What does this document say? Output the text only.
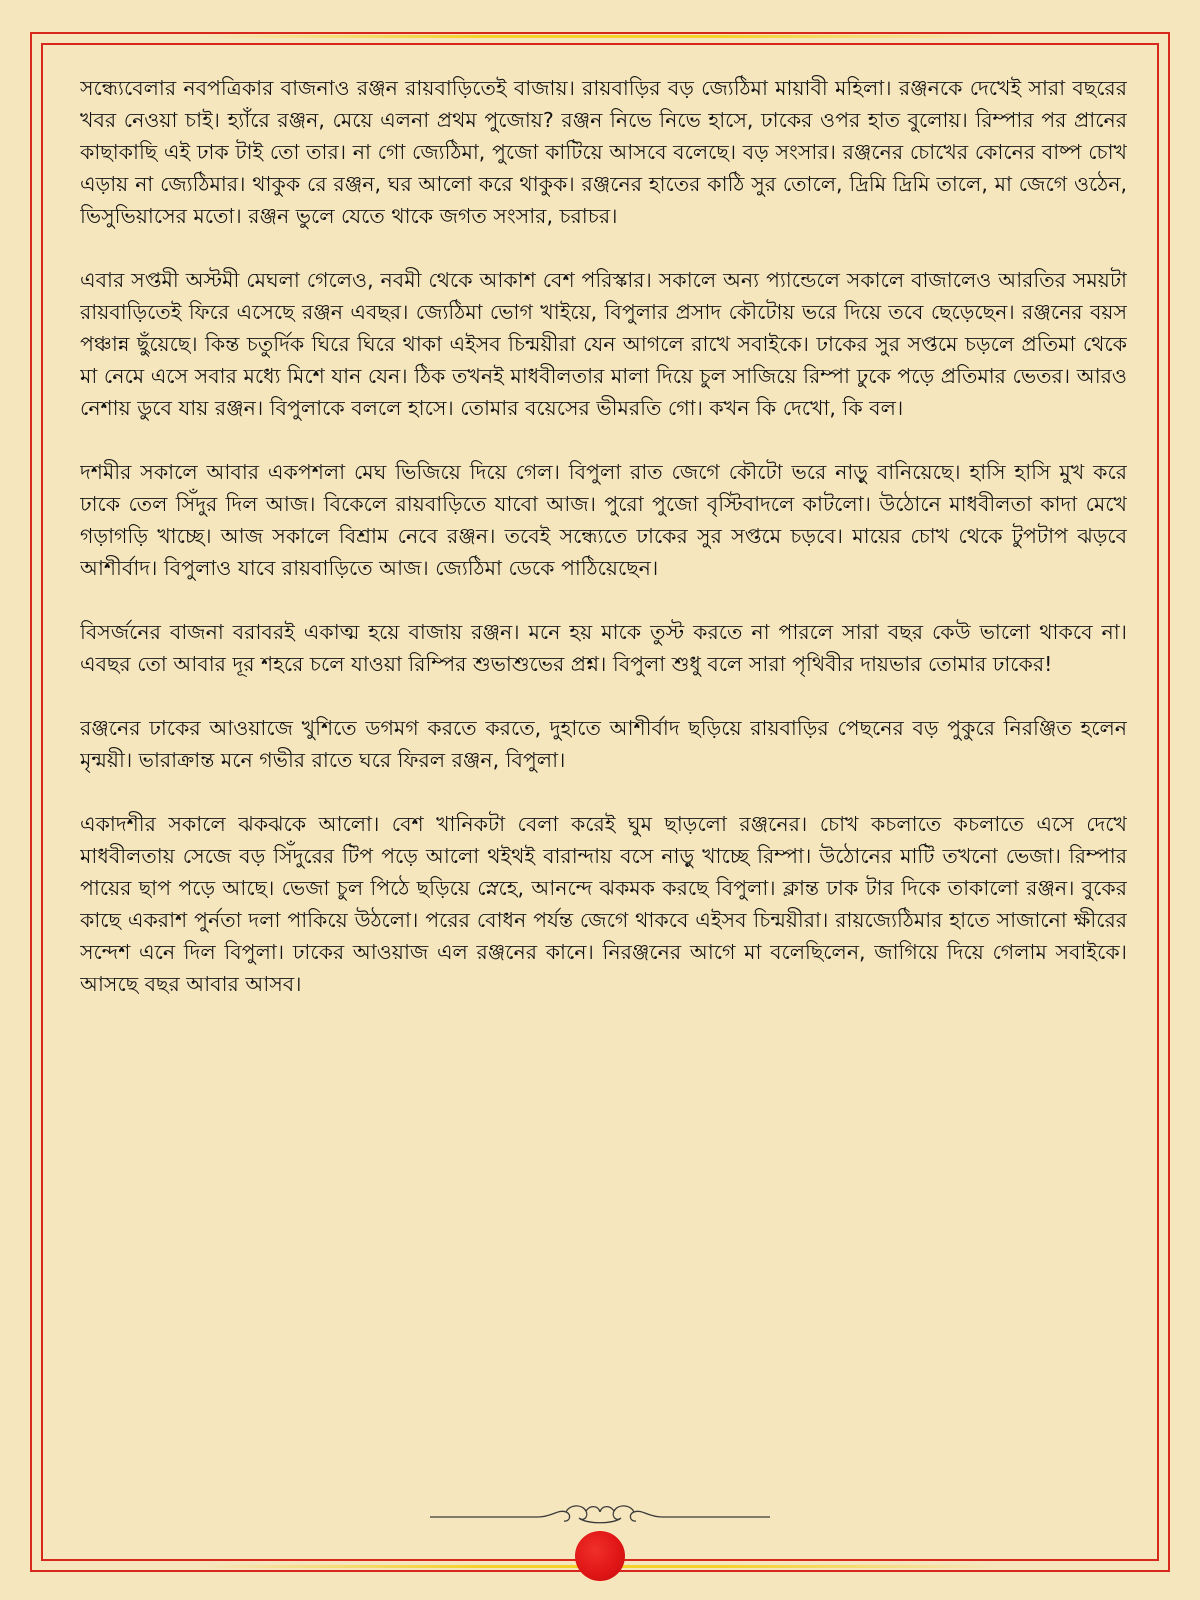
সন্ধ্যেবেলার নবপত্রিকার বাজনাও রঞ্জন রায়বাড়িতেই বাজায়। রায়বাড়ির বড় জ্যেঠিমা মায়াবী মহিলা। রঞ্জনকে দেখেই সারা বছরের খবর নেওয়া চাই। হ্যাঁরে রঞ্জন, মেয়ে এলনা প্রথম পুজোয়? রঞ্জন নিভে নিভে হাসে, ঢাকের ওপর হাত বুলোয়। রিম্পার পর প্রানের কাছাকাছি এই ঢাক টাই তো তার। না গো জ্যেঠিমা, পুজো কাটিয়ে আসবে বলেছে। বড় সংসার। রঞ্জনের চোখের কোনের বাষ্প চোখ এড়ায় না জ্যেঠিমার। থাকুক রে রঞ্জন, ঘর আলো করে থাকুক। রঞ্জনের হাতের কাঠি সুর তোলে, দ্রিমি দ্রিমি তালে, মা জেগে ওঠেন, ভিসুভিয়াসের মতো। রঞ্জন ভুলে যেতে থাকে জগত সংসার, চরাচর।

এবার সপ্তমী অস্টমী মেঘলা গেলেও, নবমী থেকে আকাশ বেশ পরিস্কার। সকালে অন্য প্যান্ডেলে সকালে বাজালেও আরতির সময়টা রায়বাড়িতেই ফিরে এসেছে রঞ্জন এবছর। জ্যেঠিমা ভোগ খাইয়ে, বিপুলার প্রসাদ কৌটোয় ভরে দিয়ে তবে ছেড়েছেন। রঞ্জনের বয়স পঞ্চান্ন ছুঁয়েছে। কিন্ত চতুর্দিক ঘিরে ঘিরে থাকা এইসব চিন্ময়ীরা যেন আগলে রাখে সবাইকে। ঢাকের সুর সপ্তমে চড়লে প্রতিমা থেকে মা নেমে এসে সবার মধ্যে মিশে যান যেন। ঠিক তখনই মাধবীলতার মালা দিয়ে চুল সাজিয়ে রিম্পা ঢুকে পড়ে প্রতিমার ভেতর। আরও নেশায় ডুবে যায় রঞ্জন। বিপুলাকে বললে হাসে। তোমার বয়েসের ভীমরতি গো। কখন কি দেখো, কি বল।

দশমীর সকালে আবার একপশলা মেঘ ভিজিয়ে দিয়ে গেল। বিপুলা রাত জেগে কৌটো ভরে নাড়ু বানিয়েছে। হাসি হাসি মুখ করে ঢাকে তেল সিঁদুর দিল আজ। বিকেলে রায়বাড়িতে যাবো আজ। পুরো পুজো বৃস্টিবাদলে কাটলো। উঠোনে মাধবীলতা কাদা মেখে গড়াগড়ি খাচ্ছে। আজ সকালে বিশ্রাম নেবে রঞ্জন। তবেই সন্ধ্যেতে ঢাকের সুর সপ্তমে চড়বে। মায়ের চোখ থেকে টুপটাপ ঝড়বে আশীর্বাদ। বিপুলাও যাবে রায়বাড়িতে আজ। জ্যেঠিমা ডেকে পাঠিয়েছেন।

বিসর্জনের বাজনা বরাবরই একাত্ম হয়ে বাজায় রঞ্জন। মনে হয় মাকে তুস্ট করতে না পারলে সারা বছর কেউ ভালো থাকবে না। এবছর তো আবার দূর শহরে চলে যাওয়া রিম্পির শুভাশুভের প্রশ্ন। বিপুলা শুধু বলে সারা পৃথিবীর দায়ভার তোমার ঢাকের!

রঞ্জনের ঢাকের আওয়াজে খুশিতে ডগমগ করতে করতে, দুহাতে আশীর্বাদ ছড়িয়ে রায়বাড়ির পেছনের বড় পুকুরে নিরঞ্জিত হলেন মৃন্ময়ী। ভারাক্রান্ত মনে গভীর রাতে ঘরে ফিরল রঞ্জন, বিপুলা।

একাদশীর সকালে ঝকঝকে আলো। বেশ খানিকটা বেলা করেই ঘুম ছাড়লো রঞ্জনের। চোখ কচলাতে কচলাতে এসে দেখে মাধবীলতায় সেজে বড় সিঁদুরের টিপ পড়ে আলো থইথই বারান্দায় বসে নাড়ু খাচ্ছে রিম্পা। উঠোনের মাটি তখনো ভেজা। রিম্পার পায়ের ছাপ পড়ে আছে। ভেজা চুল পিঠে ছড়িয়ে স্নেহে, আনন্দে ঝকমক করছে বিপুলা। ক্লান্ত ঢাক টার দিকে তাকালো রঞ্জন। বুকের কাছে একরাশ পুর্নতা দলা পাকিয়ে উঠলো। পরের বোধন পর্যন্ত জেগে থাকবে এইসব চিন্ময়ীরা। রায়জ্যেঠিমার হাতে সাজানো ক্ষীরের সন্দেশ এনে দিল বিপুলা। ঢাকের আওয়াজ এল রঞ্জনের কানে। নিরঞ্জনের আগে মা বলেছিলেন, জাগিয়ে দিয়ে গেলাম সবাইকে। আসছে বছর আবার আসব।
